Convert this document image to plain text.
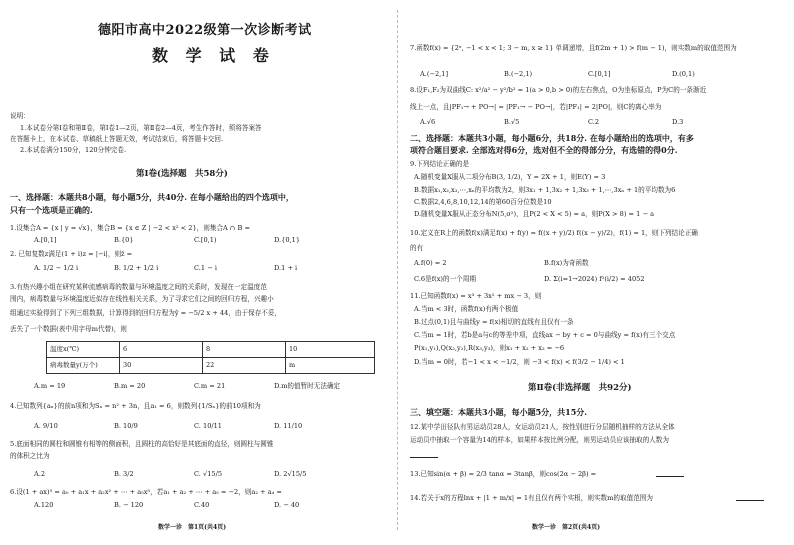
德阳市高中2022级第一次诊断考试
数 学 试 卷
说明：
1.本试卷分第Ⅰ卷和第Ⅱ卷，第Ⅰ卷1—2页，第Ⅱ卷2—4页，考生作答时，须将答案答
在答题卡上，在本试卷、草稿纸上答题无效，考试结束后，将答题卡交回.
2.本试卷满分150分，120分钟完卷.
第Ⅰ卷(选择题　共58分)
一、选择题：本题共8小题，每小题5分，共40分. 在每小题给出的四个选项中，
只有一个选项是正确的.
1.设集合A = {x | y = √x}，集合B = {x ∈ Z | −2 < x² < 2}，则集合A ∩ B =
A.[0,1]	B.{0}	C.[0,1)	D.{0,1}
2. 已知复数z满足(1 + i)z = |−i|，则z̄ =
A. 1/2 − 1/2 i	B. 1/2 + 1/2 i	C.1 − i	D.1 + i
3.有热兴趣小组在研究某种流感病毒的数量与环境温度之间的关系时，发现在一定温度范
围内，病毒数量与环境温度近似存在线性相关关系，为了寻求它们之间的回归方程，兴趣小
组通过实验得到了下列三组数据，计算得到的回归方程为ŷ = −5/2 x + 44，由于保存不妥，
丢失了一个数据(表中用字母m代替)，则
温度x(℃)	6	8	10
病毒数量y(万个)	30	22	m
A.m = 19	B.m = 20	C.m = 21	D.m的值暂时无法确定
4.已知数列{aₙ}的前n项和为Sₙ = n² + 3n，且a₁ = 6，则数列{1/Sₙ}的前10项和为
A. 9/10	B. 10/9	C. 10/11	D. 11/10
5.底面相同的圆柱和圆锥有相等的侧面积，且圆柱的高恰好是其底面的直径，则圆柱与圆锥
的体积之比为
A.2	B. 3/2	C. √15/5	D. 2√15/5
6.设(1 + ax)⁵ = a₀ + a₁x + a₂x² + ⋯ + a₅x⁵，若a₁ + a₂ + ⋯ + a₅ = −2，则a₂ + a₄ =
A.120	B. − 120	C.40	D. − 40
数学一诊　第1页(共4页)
7.函数f(x) = {2ˣ, −1 < x < 1; 3 − m, x ≥ 1} 单调递增，且f(2m + 1) > f(m − 1)，则实数m的取值范围为
A.(−2,1]	B.(−2,1)	C.[0,1]	D.(0,1)
8.设F₁,F₂为双曲线C: x²/a² − y²/b² = 1(a > 0,b > 0)的左右焦点，O为坐标原点，P为C的一条渐近
线上一点，且|PF₁→ + PO→| = |PF₁→ − PO→|，若|PF₁| = 2|PO|，则C的离心率为
A.√6	B.√5	C.2	D.3
二、选择题：本题共3小题，每小题6分，共18分. 在每小题给出的选项中，有多
项符合题目要求. 全部选对得6分，选对但不全的得部分分，有选错的得0分.
9.下列结论正确的是
A.随机变量X服从二项分布B(3, 1/2)，Y = 2X + 1，则E(Y) = 3
B.数据x₁,x₂,x₃,⋯,xₙ的平均数为2，则3x₁ + 1,3x₂ + 1,3x₃ + 1,⋯,3xₙ + 1的平均数为6
C.数据2,4,6,8,10,12,14的第60百分位数是10
D.随机变量X服从正态分布N(5,σ²)，且P(2 < X < 5) = a，则P(X > 8) = 1 − a
10.定义在R上的函数f(x)满足f(x) + f(y) = f((x + y)/2) f((x − y)/2)，f(1) = 1，则下列结论正确
的有
A.f(0) = 2	B.f(x)为奇函数
C.6是f(x)的一个周期	D. Σ(i=1→2024) f²(i/2) = 4052
11.已知函数f(x) = x³ + 3x² + mx − 3，则
A.当m < 3时，函数f(x)有两个极值
B.过点(0,1)且与曲线y = f(x)相切的直线有且仅有一条
C.当m = 1时，若b是a与c的等差中项，直线ax − by + c = 0与曲线y = f(x)有三个交点
P(x₁,y₁),Q(x₂,y₂),R(x₃,y₃)，则x₁ + x₂ + x₃ = −6
D.当m = 0时，若−1 < x < −1/2，则 −3 < f(x) < f(3/2 − 1/4) < 1
第Ⅱ卷(非选择题　共92分)
三、填空题：本题共3小题，每小题5分，共15分.
12.某中学田径队有男运动员28人，女运动员21人，按性别进行分层随机抽样的方法从全体
运动员中抽取一个容量为14的样本，如果样本按比例分配，则男运动员应该抽取的人数为
13.已知sin(α + β) = 2/3 tanα = 3tanβ，则cos(2α − 2β) =
14.若关于x的方程lnx + |1 + m/x| = 1有且仅有两个实根，则实数m的取值范围为
数学一诊　第2页(共4页)
